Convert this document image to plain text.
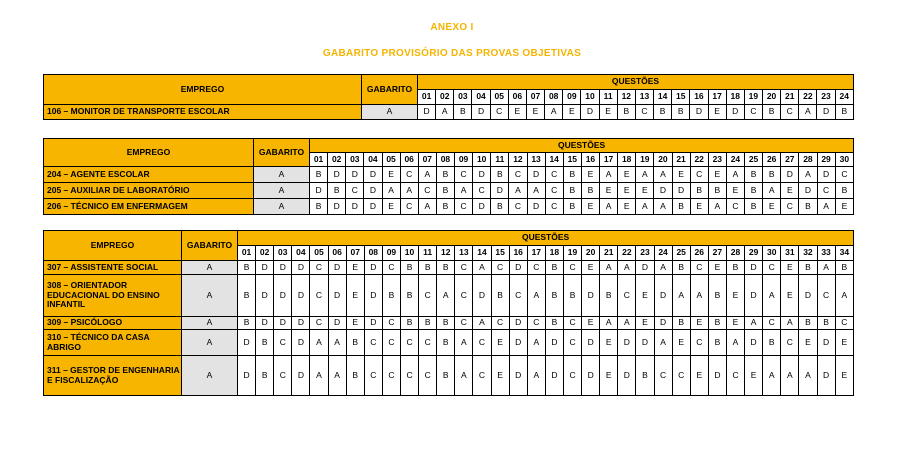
ANEXO I
GABARITO PROVISÓRIO DAS PROVAS OBJETIVAS
EMPREGO	GABARITO	QUESTÕES																							
		01	02	03	04	05	06	07	08	09	10	11	12	13	14	15	16	17	18	19	20	21	22	23	24
106 – MONITOR DE TRANSPORTE ESCOLAR	A	D	A	B	D	C	E	E	A	E	D	E	B	C	B	B	D	E	D	C	B	C	A	D	B
EMPREGO	GABARITO	QUESTÕES																													
		01	02	03	04	05	06	07	08	09	10	11	12	13	14	15	16	17	18	19	20	21	22	23	24	25	26	27	28	29	30
204 – AGENTE ESCOLAR	A	B	D	D	D	E	C	A	B	C	D	B	C	D	C	B	E	A	E	A	A	E	C	E	A	B	B	D	A	D	C
205 – AUXILIAR DE LABORATÓRIO	A	D	B	C	D	A	A	C	B	A	C	D	A	A	C	B	B	E	E	E	D	D	B	B	E	B	A	E	D	C	B
206 – TÉCNICO EM ENFERMAGEM	A	B	D	D	D	E	C	A	B	C	D	B	C	D	C	B	E	A	E	A	A	B	E	A	C	B	E	C	B	A	E
EMPREGO	GABARITO	QUESTÕES																																	
		01	02	03	04	05	06	07	08	09	10	11	12	13	14	15	16	17	18	19	20	21	22	23	24	25	26	27	28	29	30	31	32	33	34
307 – ASSISTENTE SOCIAL	A	B	D	D	D	C	D	E	D	C	B	B	B	C	A	C	D	C	B	C	E	A	A	D	A	B	C	E	B	D	C	E	B	A	B
308 – ORIENTADOR EDUCACIONAL DO ENSINO INFANTIL	A	B	D	D	D	C	D	E	D	B	B	C	A	C	D	B	C	A	B	B	D	B	C	E	D	A	A	B	E	D	A	E	D	C	A
309 – PSICÓLOGO	A	B	D	D	D	C	D	E	D	C	B	B	B	C	A	C	D	C	B	C	E	A	A	E	D	B	E	B	E	A	C	A	B	B	C
310 – TÉCNICO DA CASA ABRIGO	A	D	B	C	D	A	A	B	C	C	C	C	B	A	C	E	D	A	D	C	D	E	D	D	A	E	C	B	A	D	B	C	E	D	E
311 – GESTOR DE ENGENHARIA E FISCALIZAÇÃO	A	D	B	C	D	A	A	B	C	C	C	C	B	A	C	E	D	A	D	C	D	E	D	B	C	C	E	D	C	E	A	A	A	D	E
